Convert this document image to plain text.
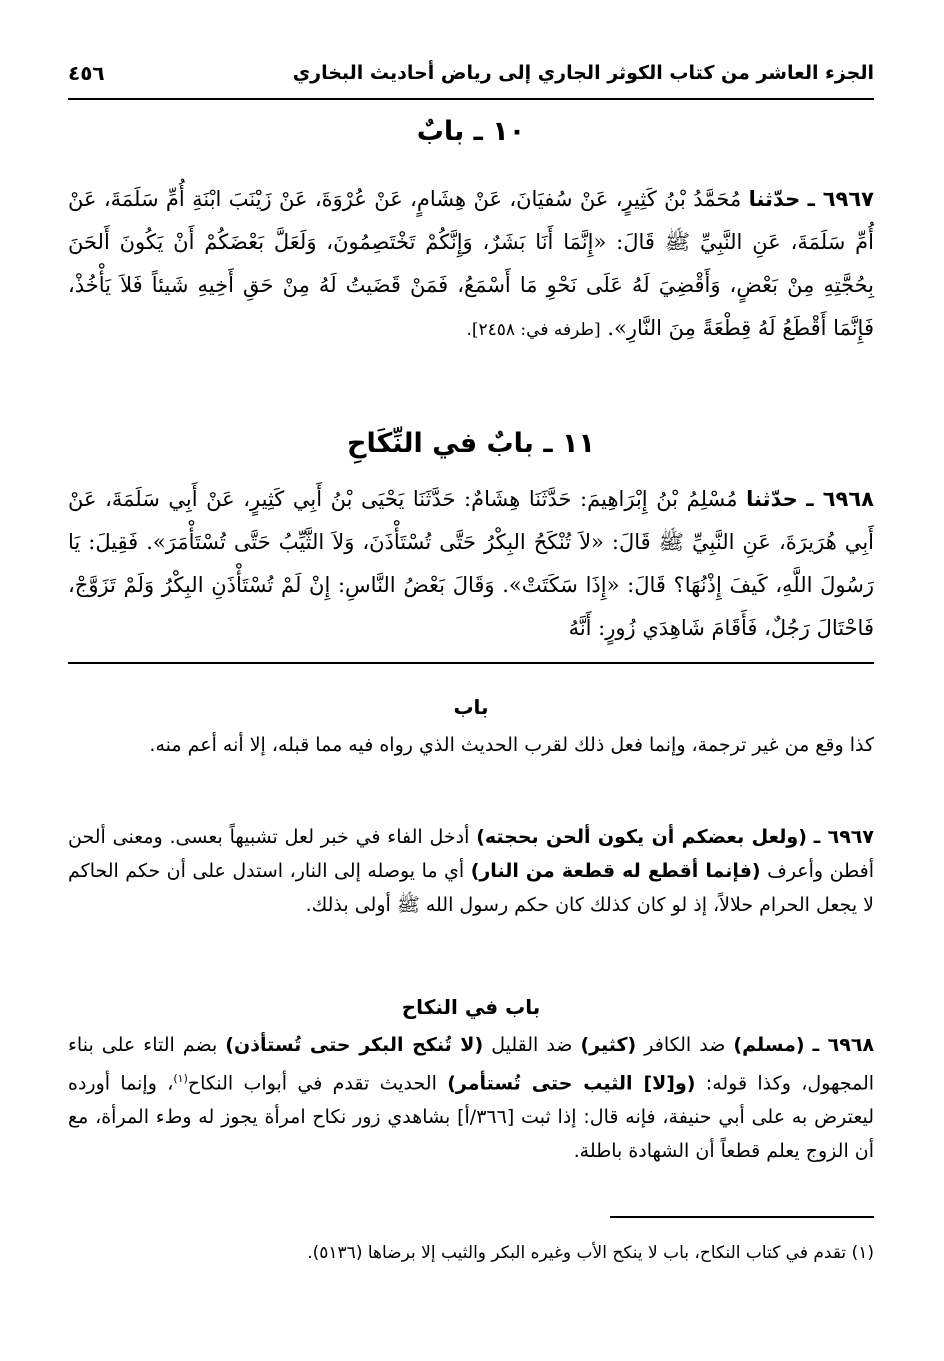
الجزء العاشر من كتاب الكوثر الجاري إلى رياض أحاديث البخاري
٤٥٦
١٠ ـ بابٌ
٦٩٦٧ ـ حدّثنا مُحَمَّدُ بْنُ كَثِيرٍ، عَنْ سُفيَانَ، عَنْ هِشَامٍ، عَنْ عُرْوَةَ، عَنْ زَيْنَبَ ابْنَةِ أُمِّ سَلَمَةَ، عَنْ أُمِّ سَلَمَةَ، عَنِ النَّبِيِّ ﷺ قَالَ: «إِنَّمَا أَنَا بَشَرٌ، وَإِنَّكُمْ تَخْتَصِمُونَ، وَلَعَلَّ بَعْضَكُمْ أَنْ يَكُونَ أَلحَنَ بِحُجَّتِهِ مِنْ بَعْضٍ، وَأَقْضِيَ لَهُ عَلَى نَحْوِ مَا أَسْمَعُ، فَمَنْ قَضَيتُ لَهُ مِنْ حَقِ أَخِيهِ شَيئاً فَلاَ يَأْخُذْ، فَإِنَّمَا أَقْطَعُ لَهُ قِطْعَةً مِنَ النَّارِ». [طرفه في: ٢٤٥٨].
١١ ـ بابٌ في النِّكَاحِ
٦٩٦٨ ـ حدّثنا مُسْلِمُ بْنُ إِبْرَاهِيمَ: حَدَّثَنَا هِشَامٌ: حَدَّثَنَا يَحْيَى بْنُ أَبِي كَثِيرٍ، عَنْ أَبِي سَلَمَةَ، عَنْ أَبِي هُرَيرَةَ، عَنِ النَّبِيِّ ﷺ قَالَ: «لاَ تُنْكَحُ البِكْرُ حَتَّى تُسْتَأْذَنَ، وَلاَ الثَّيِّبُ حَتَّى تُسْتَأْمَرَ». فَقِيلَ: يَا رَسُولَ اللَّهِ، كَيفَ إِذْنُهَا؟ قَالَ: «إِذَا سَكَتَتْ». وَقَالَ بَعْضُ النَّاسِ: إِنْ لَمْ تُسْتَأْذَنِ البِكْرُ وَلَمْ تَزَوَّجْ، فَاحْتَالَ رَجُلٌ، فَأَقَامَ شَاهِدَي زُورٍ: أَنَّهُ
باب

كذا وقع من غير ترجمة، وإنما فعل ذلك لقرب الحديث الذي رواه فيه مما قبله، إلا أنه أعم منه.

٦٩٦٧ ـ (ولعل بعضكم أن يكون ألحن بحجته) أدخل الفاء في خبر لعل تشبيهاً بعسى. ومعنى ألحن أفطن وأعرف (فإنما أقطع له قطعة من النار) أي ما يوصله إلى النار، استدل على أن حكم الحاكم لا يجعل الحرام حلالاً، إذ لو كان كذلك كان حكم رسول الله ﷺ أولى بذلك.

باب في النكاح

٦٩٦٨ ـ (مسلم) ضد الكافر (كثير) ضد القليل (لا تُنكح البكر حتى تُستأذن) بضم التاء على بناء المجهول، وكذا قوله: (و[لا] الثيب حتى تُستأمر) الحديث تقدم في أبواب النكاح$^{(١)}$، وإنما أورده ليعترض به على أبي حنيفة، فإنه قال: إذا ثبت [٣٦٦/أ] بشاهدي زور نكاح امرأة يجوز له وطء المرأة، مع أن الزوج يعلم قطعاً أن الشهادة باطلة.

(١) تقدم في كتاب النكاح، باب لا ينكح الأب وغيره البكر والثيب إلا برضاها (٥١٣٦).
